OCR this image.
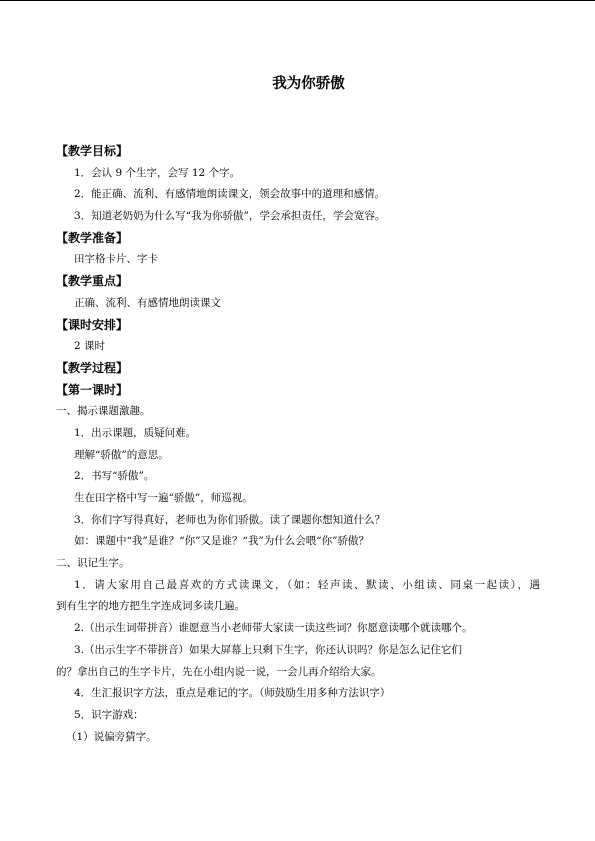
我为你骄傲
【教学目标】
1．会认 9 个生字，会写 12 个字。
2．能正确、流利、有感情地朗读课文，领会故事中的道理和感情。
3．知道老奶奶为什么写“我为你骄傲”，学会承担责任，学会宽容。
【教学准备】
田字格卡片、字卡
【教学重点】
正确、流利、有感情地朗读课文
【课时安排】
2 课时
【教学过程】
【第一课时】
一、揭示课题激趣。
1．出示课题，质疑问难。
理解“骄傲”的意思。
2．书写“骄傲”。
生在田字格中写一遍“骄傲”，师巡视。
3．你们字写得真好，老师也为你们骄傲。读了课题你想知道什么？
如：课题中“我”是谁？“你”又是谁？“我”为什么会喂“你”骄傲？
二、识记生字。
1．请大家用自己最喜欢的方式读课文，（如：轻声读、默读、小组读、同桌一起读），遇
到有生字的地方把生字连成词多读几遍。
2.（出示生词带拼音）谁愿意当小老师带大家读一读这些词？你愿意读哪个就读哪个。
3.（出示生字不带拼音）如果大屏幕上只剩下生字，你还认识吗？你是怎么记住它们
的？拿出自己的生字卡片，先在小组内说一说，一会儿再介绍给大家。
4．生汇报识字方法，重点是难记的字。（师鼓励生用多种方法识字）
5．识字游戏：
（1）说偏旁猜字。
